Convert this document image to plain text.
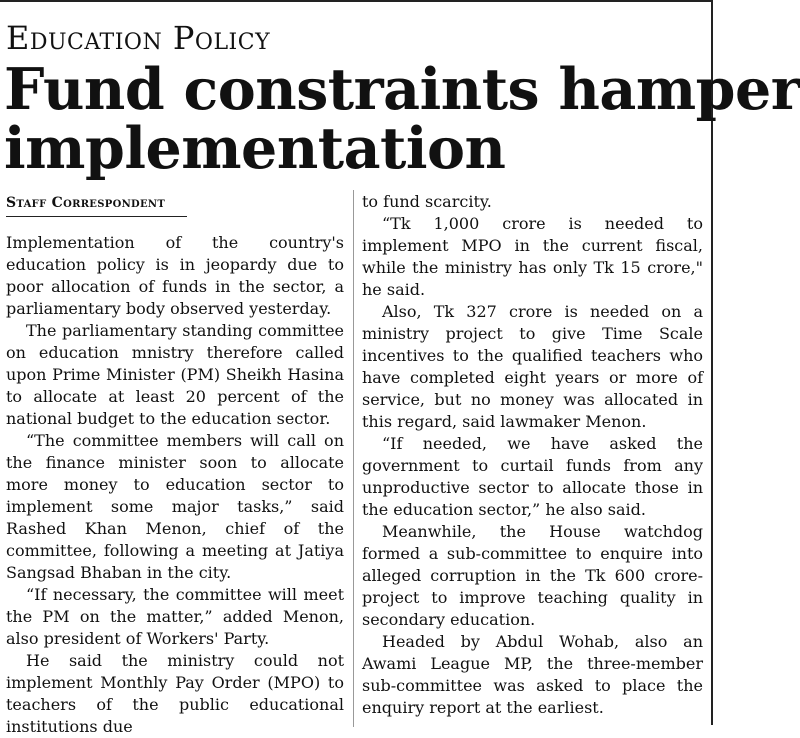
Education Policy
Fund constraints hamper
implementation
Staff Correspondent

Implementation of the country's education policy is in jeopardy due to poor allocation of funds in the sector, a parliamentary body observed yesterday.

The parliamentary standing committee on education mnistry therefore called upon Prime Minister (PM) Sheikh Hasina to allocate at least 20 percent of the national budget to the education sector.

“The committee members will call on the finance minister soon to allocate more money to education sector to implement some major tasks,” said Rashed Khan Menon, chief of the committee, following a meeting at Jatiya Sangsad Bhaban in the city.

“If necessary, the committee will meet the PM on the matter,” added Menon, also president of Workers' Party.

He said the ministry could not implement Monthly Pay Order (MPO) to teachers of the public educational institutions due

to fund scarcity.

“Tk 1,000 crore is needed to implement MPO in the current fiscal, while the ministry has only Tk 15 crore," he said.

Also, Tk 327 crore is needed on a ministry project to give Time Scale incentives to the qualified teachers who have completed eight years or more of service, but no money was allocated in this regard, said lawmaker Menon.

“If needed, we have asked the government to curtail funds from any unproductive sector to allocate those in the education sector,” he also said.

Meanwhile, the House watchdog formed a sub-committee to enquire into alleged corruption in the Tk 600 crore-project to improve teaching quality in secondary education.

Headed by Abdul Wohab, also an Awami League MP, the three-member sub-committee was asked to place the enquiry report at the earliest.
